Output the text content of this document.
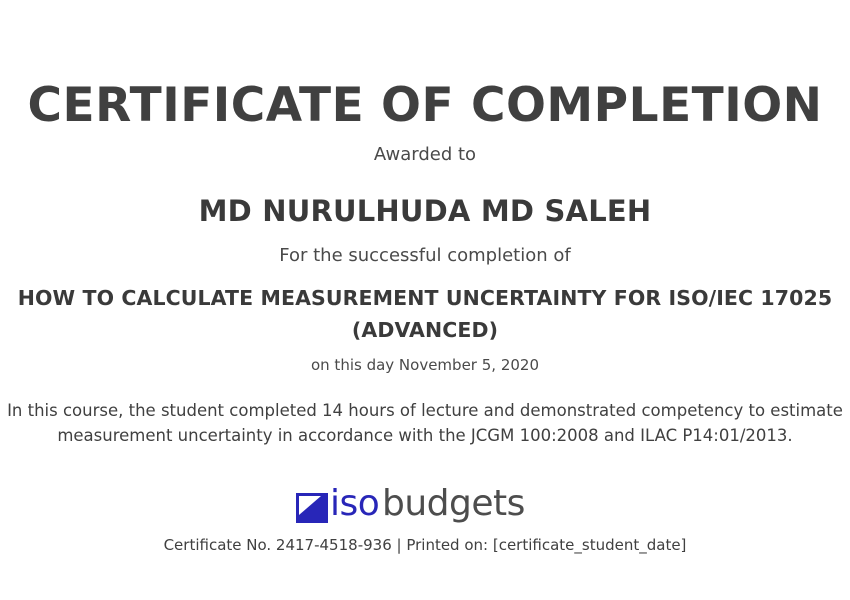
CERTIFICATE OF COMPLETION
Awarded to
MD NURULHUDA MD SALEH
For the successful completion of
HOW TO CALCULATE MEASUREMENT UNCERTAINTY FOR ISO/IEC 17025 (ADVANCED)
on this day November 5, 2020
In this course, the student completed 14 hours of lecture and demonstrated competency to estimate measurement uncertainty in accordance with the JCGM 100:2008 and ILAC P14:01/2013.
iso budgets
Certificate No. 2417-4518-936 | Printed on: [certificate_student_date]
